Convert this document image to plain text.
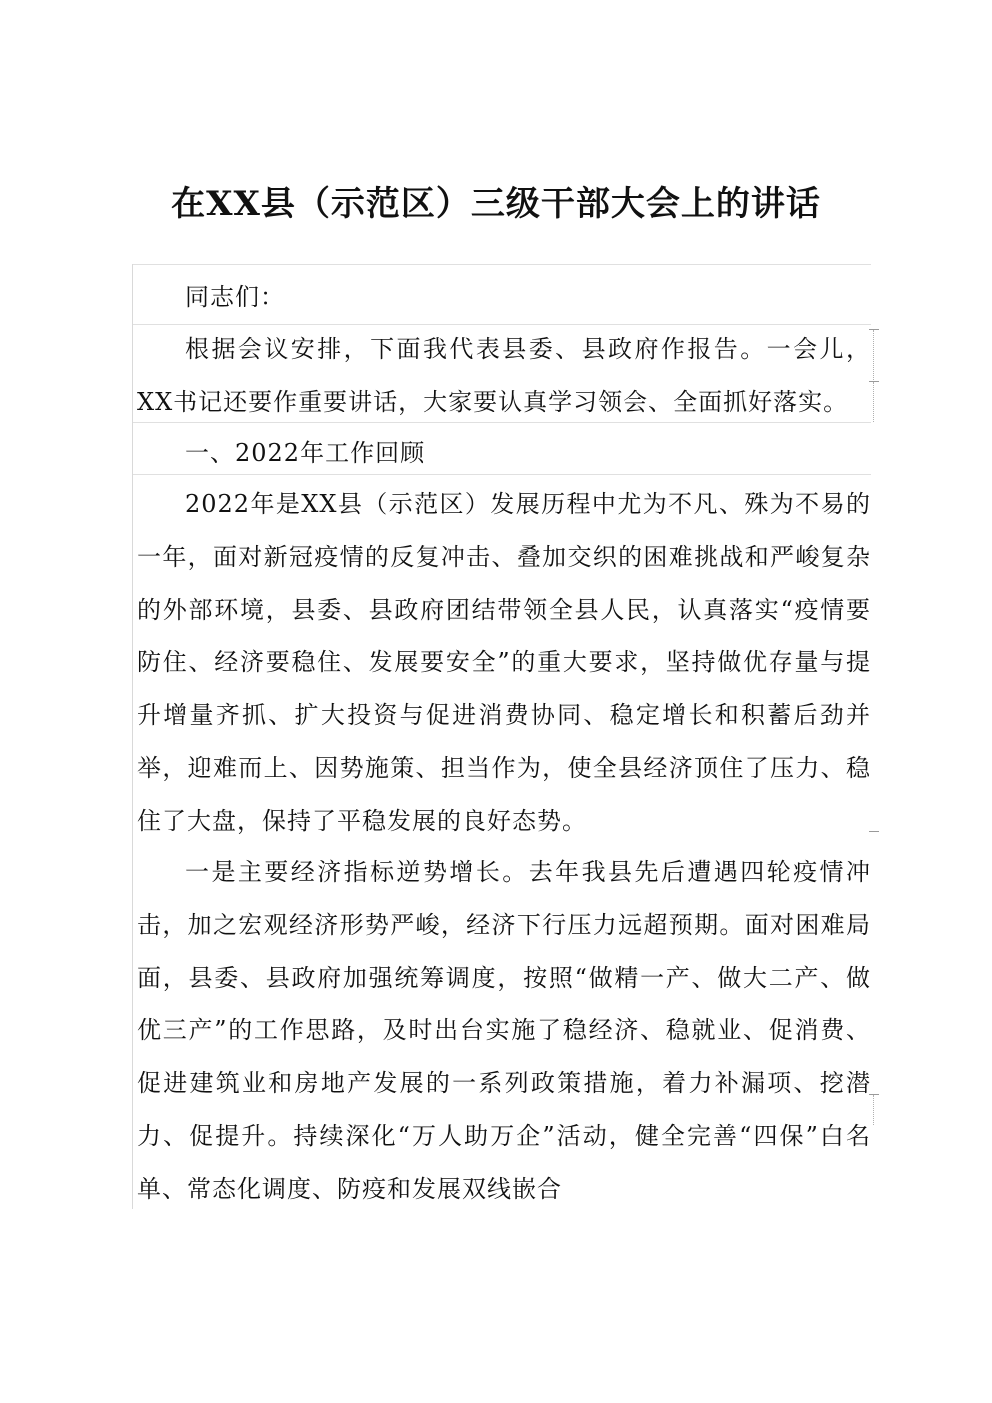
在XX县（示范区）三级干部大会上的讲话

同志们：

根据会议安排，下面我代表县委、县政府作报告。一会儿，XX书记还要作重要讲话，大家要认真学习领会、全面抓好落实。

一、2022年工作回顾

2022年是XX县（示范区）发展历程中尤为不凡、殊为不易的一年，面对新冠疫情的反复冲击、叠加交织的困难挑战和严峻复杂的外部环境，县委、县政府团结带领全县人民，认真落实“疫情要防住、经济要稳住、发展要安全”的重大要求，坚持做优存量与提升增量齐抓、扩大投资与促进消费协同、稳定增长和积蓄后劲并举，迎难而上、因势施策、担当作为，使全县经济顶住了压力、稳住了大盘，保持了平稳发展的良好态势。

一是主要经济指标逆势增长。去年我县先后遭遇四轮疫情冲击，加之宏观经济形势严峻，经济下行压力远超预期。面对困难局面，县委、县政府加强统筹调度，按照“做精一产、做大二产、做优三产”的工作思路，及时出台实施了稳经济、稳就业、促消费、促进建筑业和房地产发展的一系列政策措施，着力补漏项、挖潜力、促提升。持续深化“万人助万企”活动，健全完善“四保”白名单、常态化调度、防疫和发展双线嵌合
